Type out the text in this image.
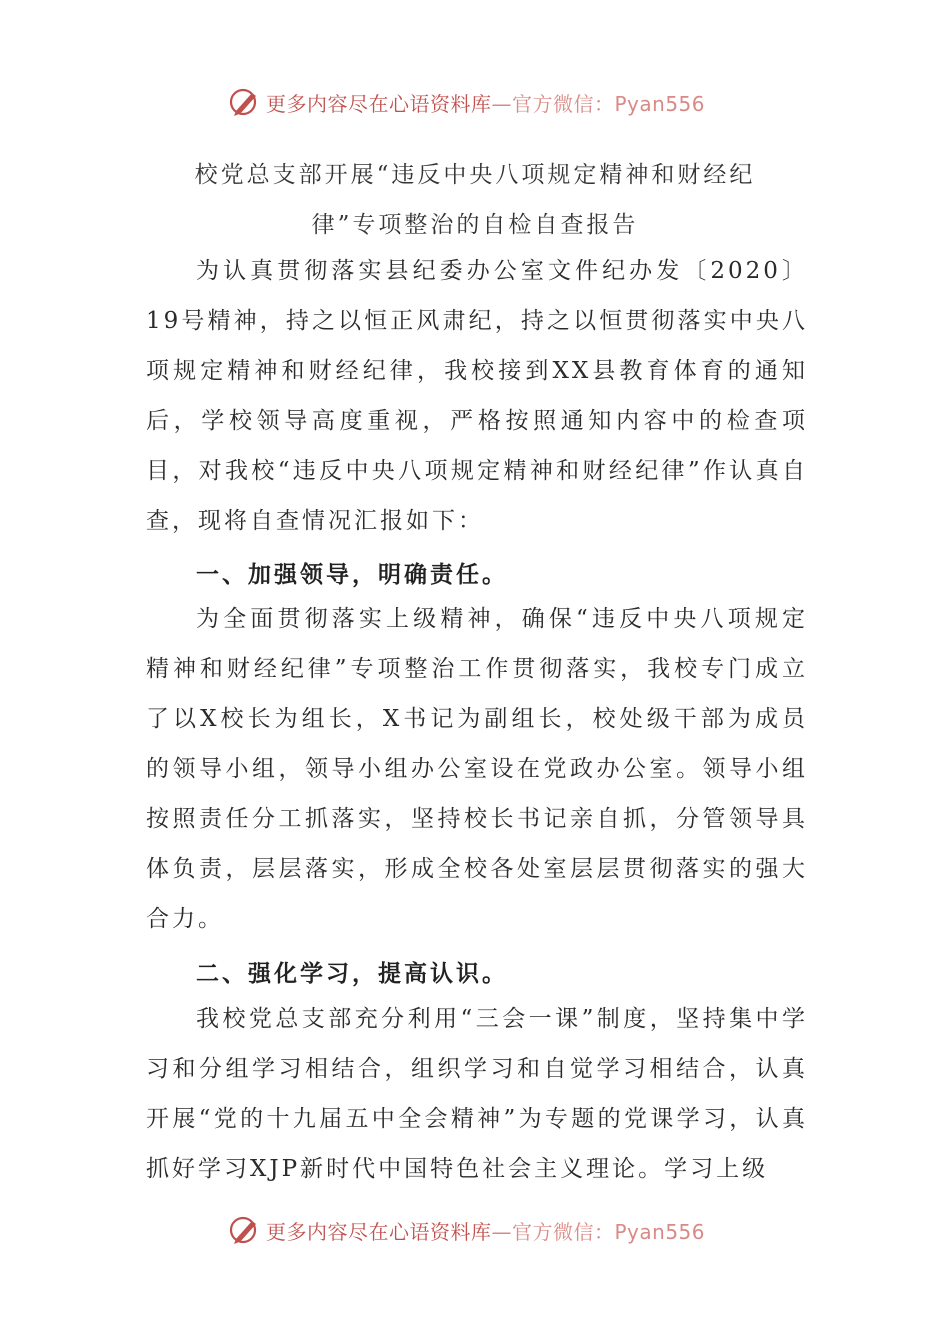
更多内容尽在心语资料库—官方微信：Pyan556
校党总支部开展“违反中央八项规定精神和财经纪
律”专项整治的自检自查报告
为认真贯彻落实县纪委办公室文件纪办发〔2020〕19号精神，持之以恒正风肃纪，持之以恒贯彻落实中央八项规定精神和财经纪律，我校接到XX县教育体育的通知后，学校领导高度重视，严格按照通知内容中的检查项目，对我校“违反中央八项规定精神和财经纪律”作认真自查，现将自查情况汇报如下：
一、加强领导，明确责任。
为全面贯彻落实上级精神，确保“违反中央八项规定精神和财经纪律”专项整治工作贯彻落实，我校专门成立了以X校长为组长，X书记为副组长，校处级干部为成员的领导小组，领导小组办公室设在党政办公室。领导小组按照责任分工抓落实，坚持校长书记亲自抓，分管领导具体负责，层层落实，形成全校各处室层层贯彻落实的强大合力。
二、强化学习，提高认识。
我校党总支部充分利用“三会一课”制度，坚持集中学习和分组学习相结合，组织学习和自觉学习相结合，认真开展“党的十九届五中全会精神”为专题的党课学习，认真抓好学习XJP新时代中国特色社会主义理论。学习上级
更多内容尽在心语资料库—官方微信：Pyan556
